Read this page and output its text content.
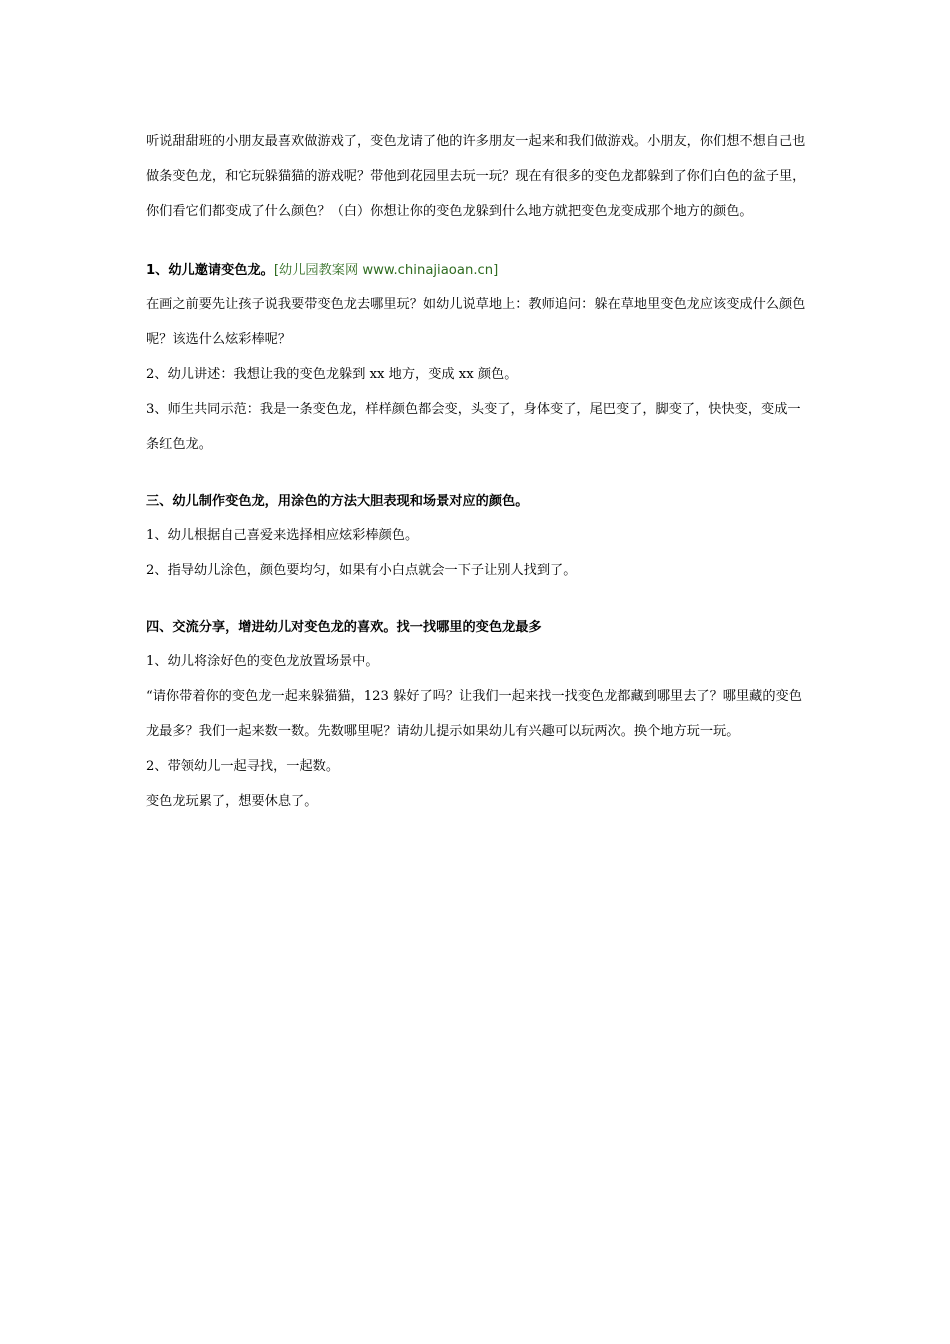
听说甜甜班的小朋友最喜欢做游戏了，变色龙请了他的许多朋友一起来和我们做游戏。小朋友，你们想不想自己也做条变色龙，和它玩躲猫猫的游戏呢？带他到花园里去玩一玩？现在有很多的变色龙都躲到了你们白色的盆子里，你们看它们都变成了什么颜色？（白）你想让你的变色龙躲到什么地方就把变色龙变成那个地方的颜色。

1、幼儿邀请变色龙。[幼儿园教案网 www.chinajiaoan.cn]

在画之前要先让孩子说我要带变色龙去哪里玩？如幼儿说草地上：教师追问：躲在草地里变色龙应该变成什么颜色呢？该选什么炫彩棒呢？

2、幼儿讲述：我想让我的变色龙躲到 xx 地方，变成 xx 颜色。

3、师生共同示范：我是一条变色龙，样样颜色都会变，头变了，身体变了，尾巴变了，脚变了，快快变，变成一条红色龙。

三、幼儿制作变色龙，用涂色的方法大胆表现和场景对应的颜色。

1、幼儿根据自己喜爱来选择相应炫彩棒颜色。

2、指导幼儿涂色，颜色要均匀，如果有小白点就会一下子让别人找到了。

四、交流分享，增进幼儿对变色龙的喜欢。找一找哪里的变色龙最多

1、幼儿将涂好色的变色龙放置场景中。

“请你带着你的变色龙一起来躲猫猫，123 躲好了吗？让我们一起来找一找变色龙都藏到哪里去了？哪里藏的变色龙最多？我们一起来数一数。先数哪里呢？请幼儿提示如果幼儿有兴趣可以玩两次。换个地方玩一玩。

2、带领幼儿一起寻找，一起数。

变色龙玩累了，想要休息了。
